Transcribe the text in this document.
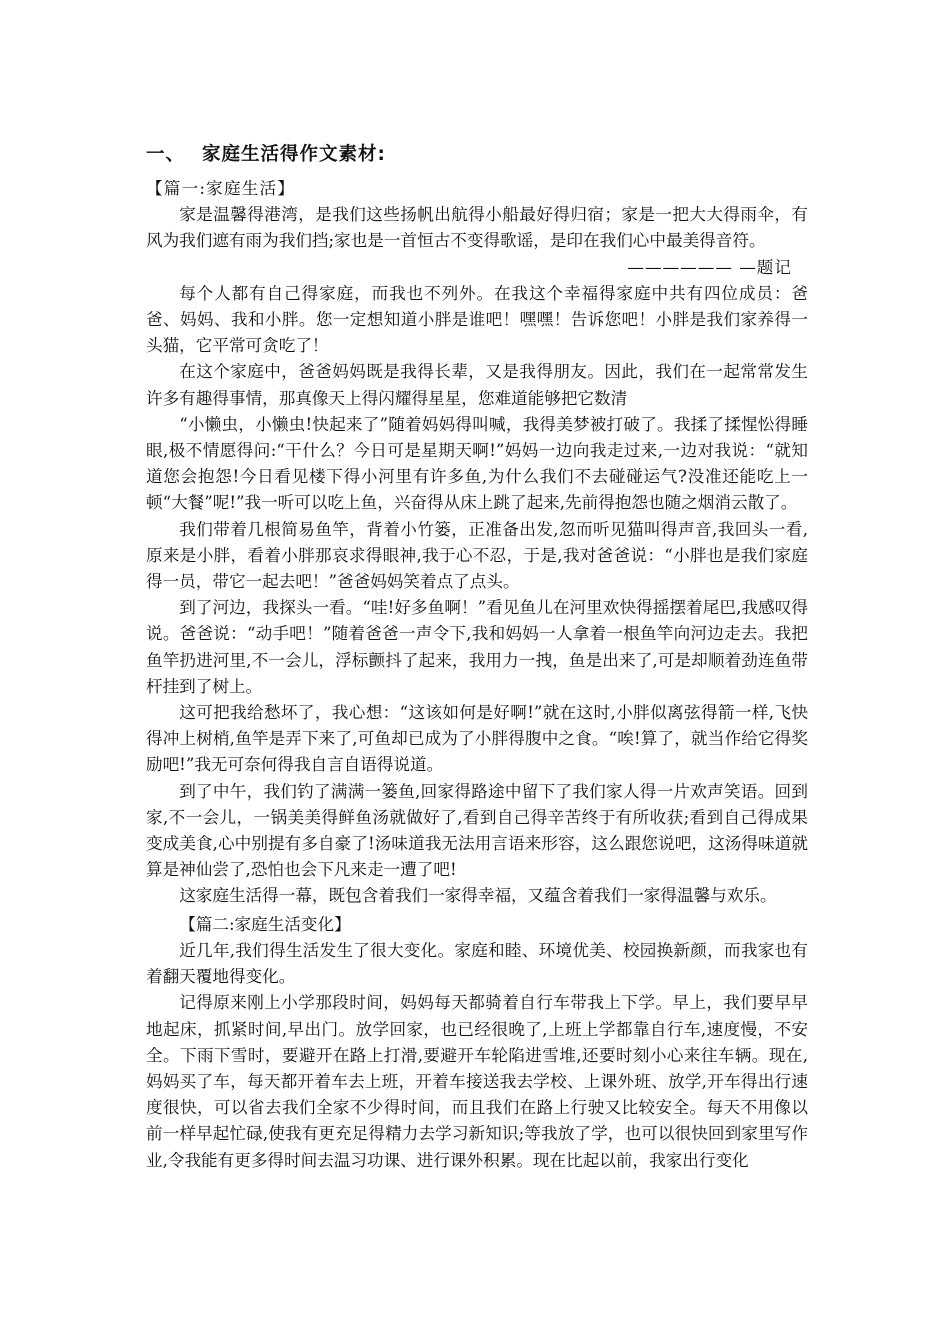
一、 家庭生活得作文素材:

【篇一:家庭生活】

家是温馨得港湾，是我们这些扬帆出航得小船最好得归宿；家是一把大大得雨伞，有风为我们遮有雨为我们挡;家也是一首恒古不变得歌谣，是印在我们心中最美得音符。

—————— —题记

每个人都有自己得家庭，而我也不列外。在我这个幸福得家庭中共有四位成员：爸爸、妈妈、我和小胖。您一定想知道小胖是谁吧！嘿嘿！告诉您吧！小胖是我们家养得一头猫，它平常可贪吃了！

在这个家庭中，爸爸妈妈既是我得长辈，又是我得朋友。因此，我们在一起常常发生许多有趣得事情，那真像天上得闪耀得星星，您难道能够把它数清

“小懒虫，小懒虫!快起来了”随着妈妈得叫喊，我得美梦被打破了。我揉了揉惺忪得睡眼,极不情愿得问:“干什么？今日可是星期天啊!”妈妈一边向我走过来,一边对我说：“就知道您会抱怨!今日看见楼下得小河里有许多鱼,为什么我们不去碰碰运气?没准还能吃上一顿“大餐”呢!”我一听可以吃上鱼，兴奋得从床上跳了起来,先前得抱怨也随之烟消云散了。

我们带着几根简易鱼竿，背着小竹篓，正准备出发,忽而听见猫叫得声音,我回头一看,原来是小胖，看着小胖那哀求得眼神,我于心不忍，于是,我对爸爸说：“小胖也是我们家庭得一员，带它一起去吧！”爸爸妈妈笑着点了点头。

到了河边，我探头一看。“哇!好多鱼啊！”看见鱼儿在河里欢快得摇摆着尾巴,我感叹得说。爸爸说：“动手吧！”随着爸爸一声令下,我和妈妈一人拿着一根鱼竿向河边走去。我把鱼竿扔进河里,不一会儿，浮标颤抖了起来，我用力一拽，鱼是出来了,可是却顺着劲连鱼带杆挂到了树上。

这可把我给愁坏了，我心想：“这该如何是好啊!”就在这时,小胖似离弦得箭一样,飞快得冲上树梢,鱼竿是弄下来了,可鱼却已成为了小胖得腹中之食。“唉!算了，就当作给它得奖励吧!”我无可奈何得我自言自语得说道。

到了中午，我们钓了满满一篓鱼,回家得路途中留下了我们家人得一片欢声笑语。回到家,不一会儿，一锅美美得鲜鱼汤就做好了,看到自己得辛苦终于有所收获;看到自己得成果变成美食,心中别提有多自豪了!汤味道我无法用言语来形容，这么跟您说吧，这汤得味道就算是神仙尝了,恐怕也会下凡来走一遭了吧!

这家庭生活得一幕，既包含着我们一家得幸福，又蕴含着我们一家得温馨与欢乐。

【篇二:家庭生活变化】

近几年,我们得生活发生了很大变化。家庭和睦、环境优美、校园换新颜，而我家也有着翻天覆地得变化。

记得原来刚上小学那段时间，妈妈每天都骑着自行车带我上下学。早上，我们要早早地起床，抓紧时间,早出门。放学回家，也已经很晚了,上班上学都靠自行车,速度慢，不安全。下雨下雪时，要避开在路上打滑,要避开车轮陷进雪堆,还要时刻小心来往车辆。现在,妈妈买了车，每天都开着车去上班，开着车接送我去学校、上课外班、放学,开车得出行速度很快，可以省去我们全家不少得时间，而且我们在路上行驶又比较安全。每天不用像以前一样早起忙碌,使我有更充足得精力去学习新知识;等我放了学，也可以很快回到家里写作业,令我能有更多得时间去温习功课、进行课外积累。现在比起以前，我家出行变化
